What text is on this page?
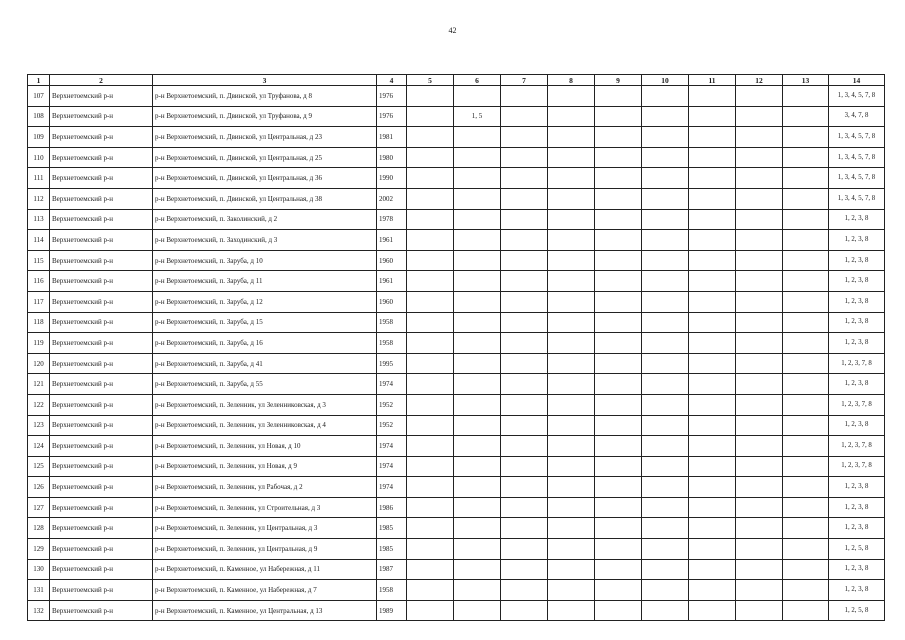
42
1	2	3	4	5	6	7	8	9	10	11	12	13	14
107	Верхнетоемский р-н	р-н Верхнетоемский, п. Двинской, ул Труфанова, д 8	1976										1, 3, 4, 5, 7, 8
108	Верхнетоемский р-н	р-н Верхнетоемский, п. Двинской, ул Труфанова, д 9	1976		1, 5								3, 4, 7, 8
109	Верхнетоемский р-н	р-н Верхнетоемский, п. Двинской, ул Центральная, д 23	1981										1, 3, 4, 5, 7, 8
110	Верхнетоемский р-н	р-н Верхнетоемский, п. Двинской, ул Центральная, д 25	1980										1, 3, 4, 5, 7, 8
111	Верхнетоемский р-н	р-н Верхнетоемский, п. Двинской, ул Центральная, д 36	1990										1, 3, 4, 5, 7, 8
112	Верхнетоемский р-н	р-н Верхнетоемский, п. Двинской, ул Центральная, д 38	2002										1, 3, 4, 5, 7, 8
113	Верхнетоемский р-н	р-н Верхнетоемский, п. Заколинский, д 2	1978										1, 2, 3, 8
114	Верхнетоемский р-н	р-н Верхнетоемский, п. Заходинский, д 3	1961										1, 2, 3, 8
115	Верхнетоемский р-н	р-н Верхнетоемский, п. Заруба, д 10	1960										1, 2, 3, 8
116	Верхнетоемский р-н	р-н Верхнетоемский, п. Заруба, д 11	1961										1, 2, 3, 8
117	Верхнетоемский р-н	р-н Верхнетоемский, п. Заруба, д 12	1960										1, 2, 3, 8
118	Верхнетоемский р-н	р-н Верхнетоемский, п. Заруба, д 15	1958										1, 2, 3, 8
119	Верхнетоемский р-н	р-н Верхнетоемский, п. Заруба, д 16	1958										1, 2, 3, 8
120	Верхнетоемский р-н	р-н Верхнетоемский, п. Заруба, д 41	1995										1, 2, 3, 7, 8
121	Верхнетоемский р-н	р-н Верхнетоемский, п. Заруба, д 55	1974										1, 2, 3, 8
122	Верхнетоемский р-н	р-н Верхнетоемский, п. Зеленник, ул Зеленниковская, д 3	1952										1, 2, 3, 7, 8
123	Верхнетоемский р-н	р-н Верхнетоемский, п. Зеленник, ул Зеленниковская, д 4	1952										1, 2, 3, 8
124	Верхнетоемский р-н	р-н Верхнетоемский, п. Зеленник, ул Новая, д 10	1974										1, 2, 3, 7, 8
125	Верхнетоемский р-н	р-н Верхнетоемский, п. Зеленник, ул Новая, д 9	1974										1, 2, 3, 7, 8
126	Верхнетоемский р-н	р-н Верхнетоемский, п. Зеленник, ул Рабочая, д 2	1974										1, 2, 3, 8
127	Верхнетоемский р-н	р-н Верхнетоемский, п. Зеленник, ул Строительная, д 3	1986										1, 2, 3, 8
128	Верхнетоемский р-н	р-н Верхнетоемский, п. Зеленник, ул Центральная, д 3	1985										1, 2, 3, 8
129	Верхнетоемский р-н	р-н Верхнетоемский, п. Зеленник, ул Центральная, д 9	1985										1, 2, 5, 8
130	Верхнетоемский р-н	р-н Верхнетоемский, п. Каменное, ул Набережная, д 11	1987										1, 2, 3, 8
131	Верхнетоемский р-н	р-н Верхнетоемский, п. Каменное, ул Набережная, д 7	1958										1, 2, 3, 8
132	Верхнетоемский р-н	р-н Верхнетоемский, п. Каменное, ул Центральная, д 13	1989										1, 2, 5, 8
